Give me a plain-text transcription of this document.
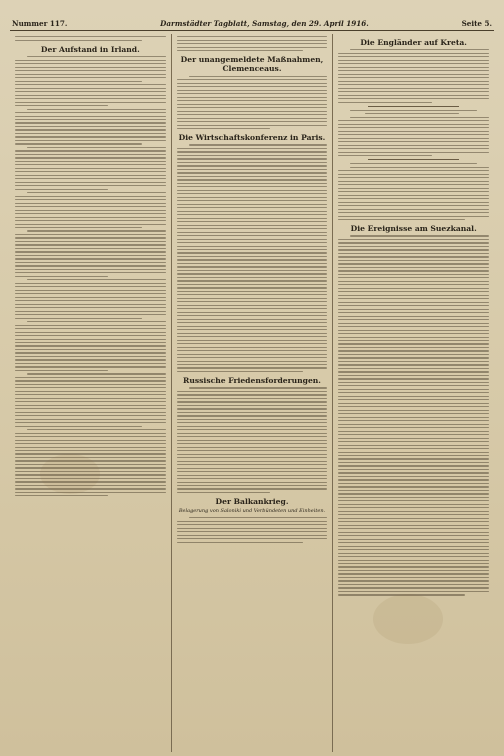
Nummer 117.	Darmstädter Tagblatt, Samstag, den 29. April 1916.	Seite 5.
Der Aufstand in Irland.
Der unangemeldete Maßnahmen, Clemenceaus.
Die Wirtschaftskonferenz in Paris.
Russische Friedensforderungen.
Der Balkankrieg.
Belagerung von Saloniki und Verbündeten und Einheiten.
Die Engländer auf Kreta.
Die Ereignisse am Suezkanal.
